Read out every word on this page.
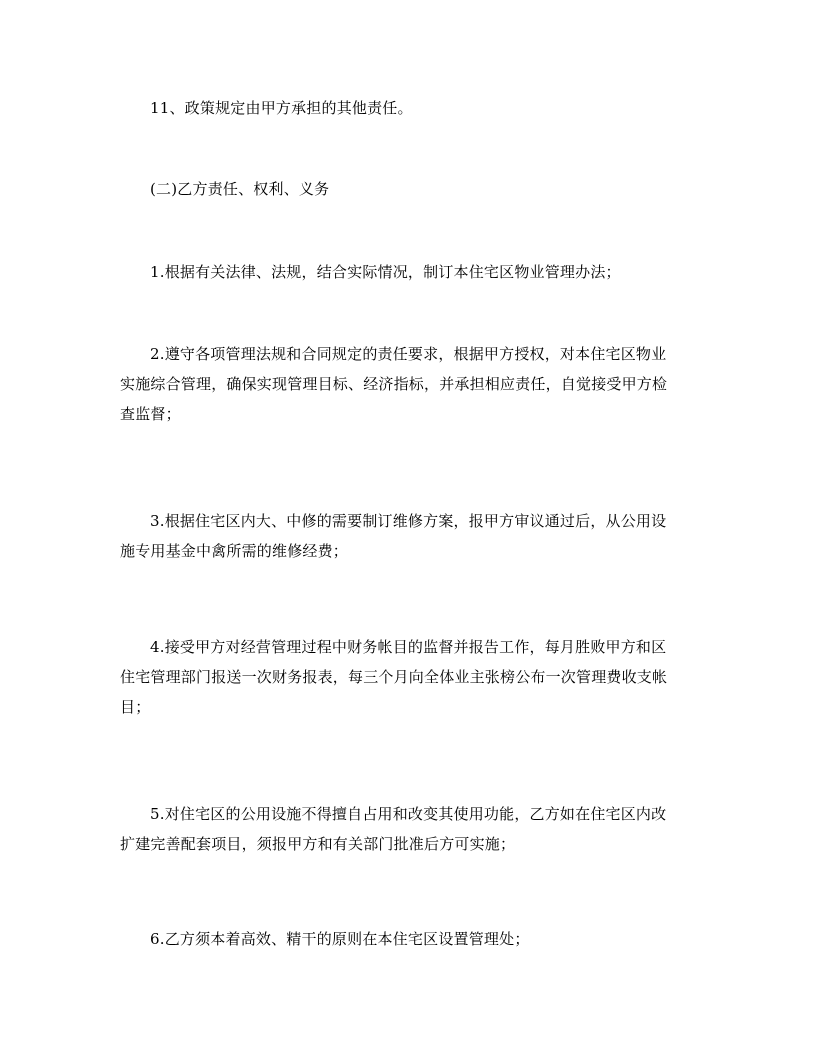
11、政策规定由甲方承担的其他责任。

(二)乙方责任、权利、义务

1.根据有关法律、法规，结合实际情况，制订本住宅区物业管理办法；

2.遵守各项管理法规和合同规定的责任要求，根据甲方授权，对本住宅区物业
实施综合管理，确保实现管理目标、经济指标，并承担相应责任，自觉接受甲方检
查监督；

3.根据住宅区内大、中修的需要制订维修方案，报甲方审议通过后，从公用设
施专用基金中禽所需的维修经费；

4.接受甲方对经营管理过程中财务帐目的监督并报告工作，每月胜败甲方和区
住宅管理部门报送一次财务报表，每三个月向全体业主张榜公布一次管理费收支帐
目；

5.对住宅区的公用设施不得擅自占用和改变其使用功能，乙方如在住宅区内改
扩建完善配套项目，须报甲方和有关部门批准后方可实施；

6.乙方须本着高效、精干的原则在本住宅区设置管理处；
